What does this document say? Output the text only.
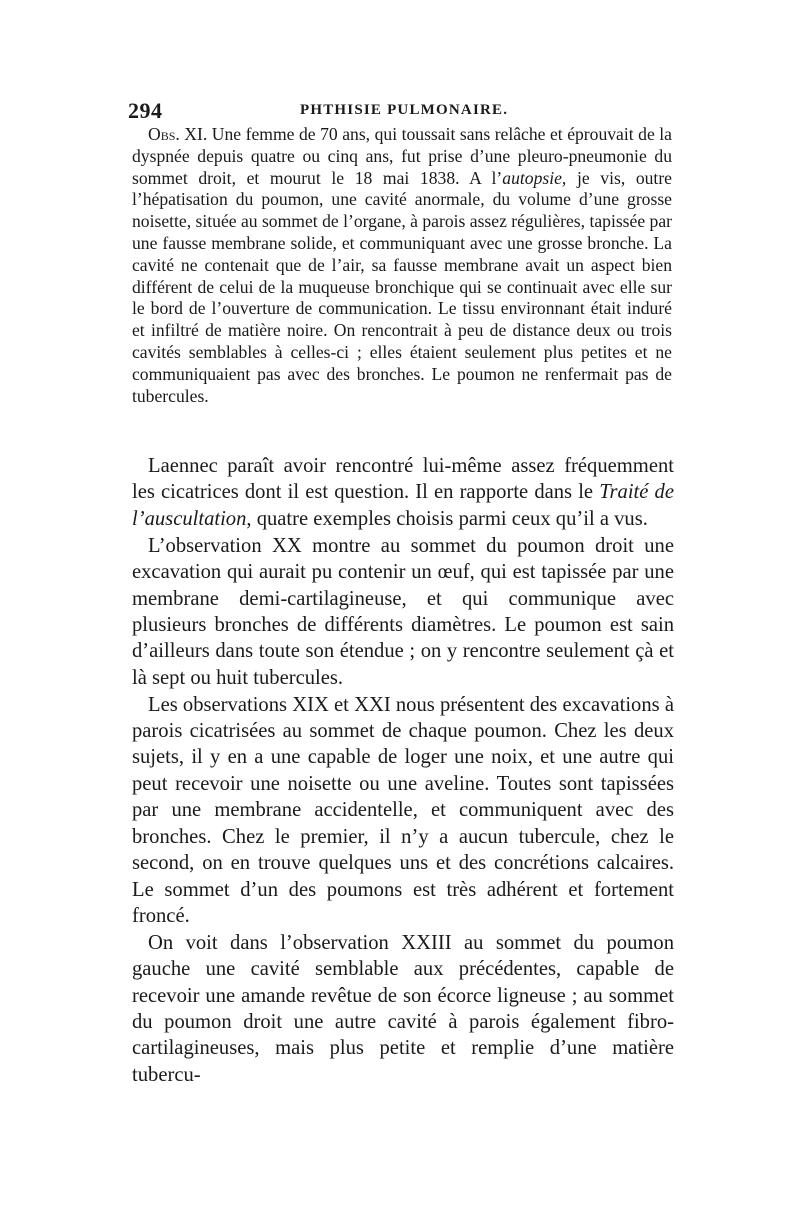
294	PHTHISIE PULMONAIRE.

Obs. XI. Une femme de 70 ans, qui toussait sans relâche et éprouvait de la dyspnée depuis quatre ou cinq ans, fut prise d’une pleuro-pneumonie du sommet droit, et mourut le 18 mai 1838. A l’autopsie, je vis, outre l’hépatisation du poumon, une cavité anormale, du volume d’une grosse noisette, située au sommet de l’organe, à parois assez régulières, tapissée par une fausse membrane solide, et communiquant avec une grosse bronche. La cavité ne contenait que de l’air, sa fausse membrane avait un aspect bien différent de celui de la muqueuse bronchique qui se continuait avec elle sur le bord de l’ouverture de communication. Le tissu environnant était induré et infiltré de matière noire. On rencontrait à peu de distance deux ou trois cavités semblables à celles-ci ; elles étaient seulement plus petites et ne communiquaient pas avec des bronches. Le poumon ne renfermait pas de tubercules.

Laennec paraît avoir rencontré lui-même assez fréquemment les cicatrices dont il est question. Il en rapporte dans le Traité de l’auscultation, quatre exemples choisis parmi ceux qu’il a vus.

L’observation XX montre au sommet du poumon droit une excavation qui aurait pu contenir un œuf, qui est tapissée par une membrane demi-cartilagineuse, et qui communique avec plusieurs bronches de différents diamètres. Le poumon est sain d’ailleurs dans toute son étendue ; on y rencontre seulement çà et là sept ou huit tubercules.

Les observations XIX et XXI nous présentent des excavations à parois cicatrisées au sommet de chaque poumon. Chez les deux sujets, il y en a une capable de loger une noix, et une autre qui peut recevoir une noisette ou une aveline. Toutes sont tapissées par une membrane accidentelle, et communiquent avec des bronches. Chez le premier, il n’y a aucun tubercule, chez le second, on en trouve quelques uns et des concrétions calcaires. Le sommet d’un des poumons est très adhérent et fortement froncé.

On voit dans l’observation XXIII au sommet du poumon gauche une cavité semblable aux précédentes, capable de recevoir une amande revêtue de son écorce ligneuse ; au sommet du poumon droit une autre cavité à parois également fibro-cartilagineuses, mais plus petite et remplie d’une matière tubercu-
